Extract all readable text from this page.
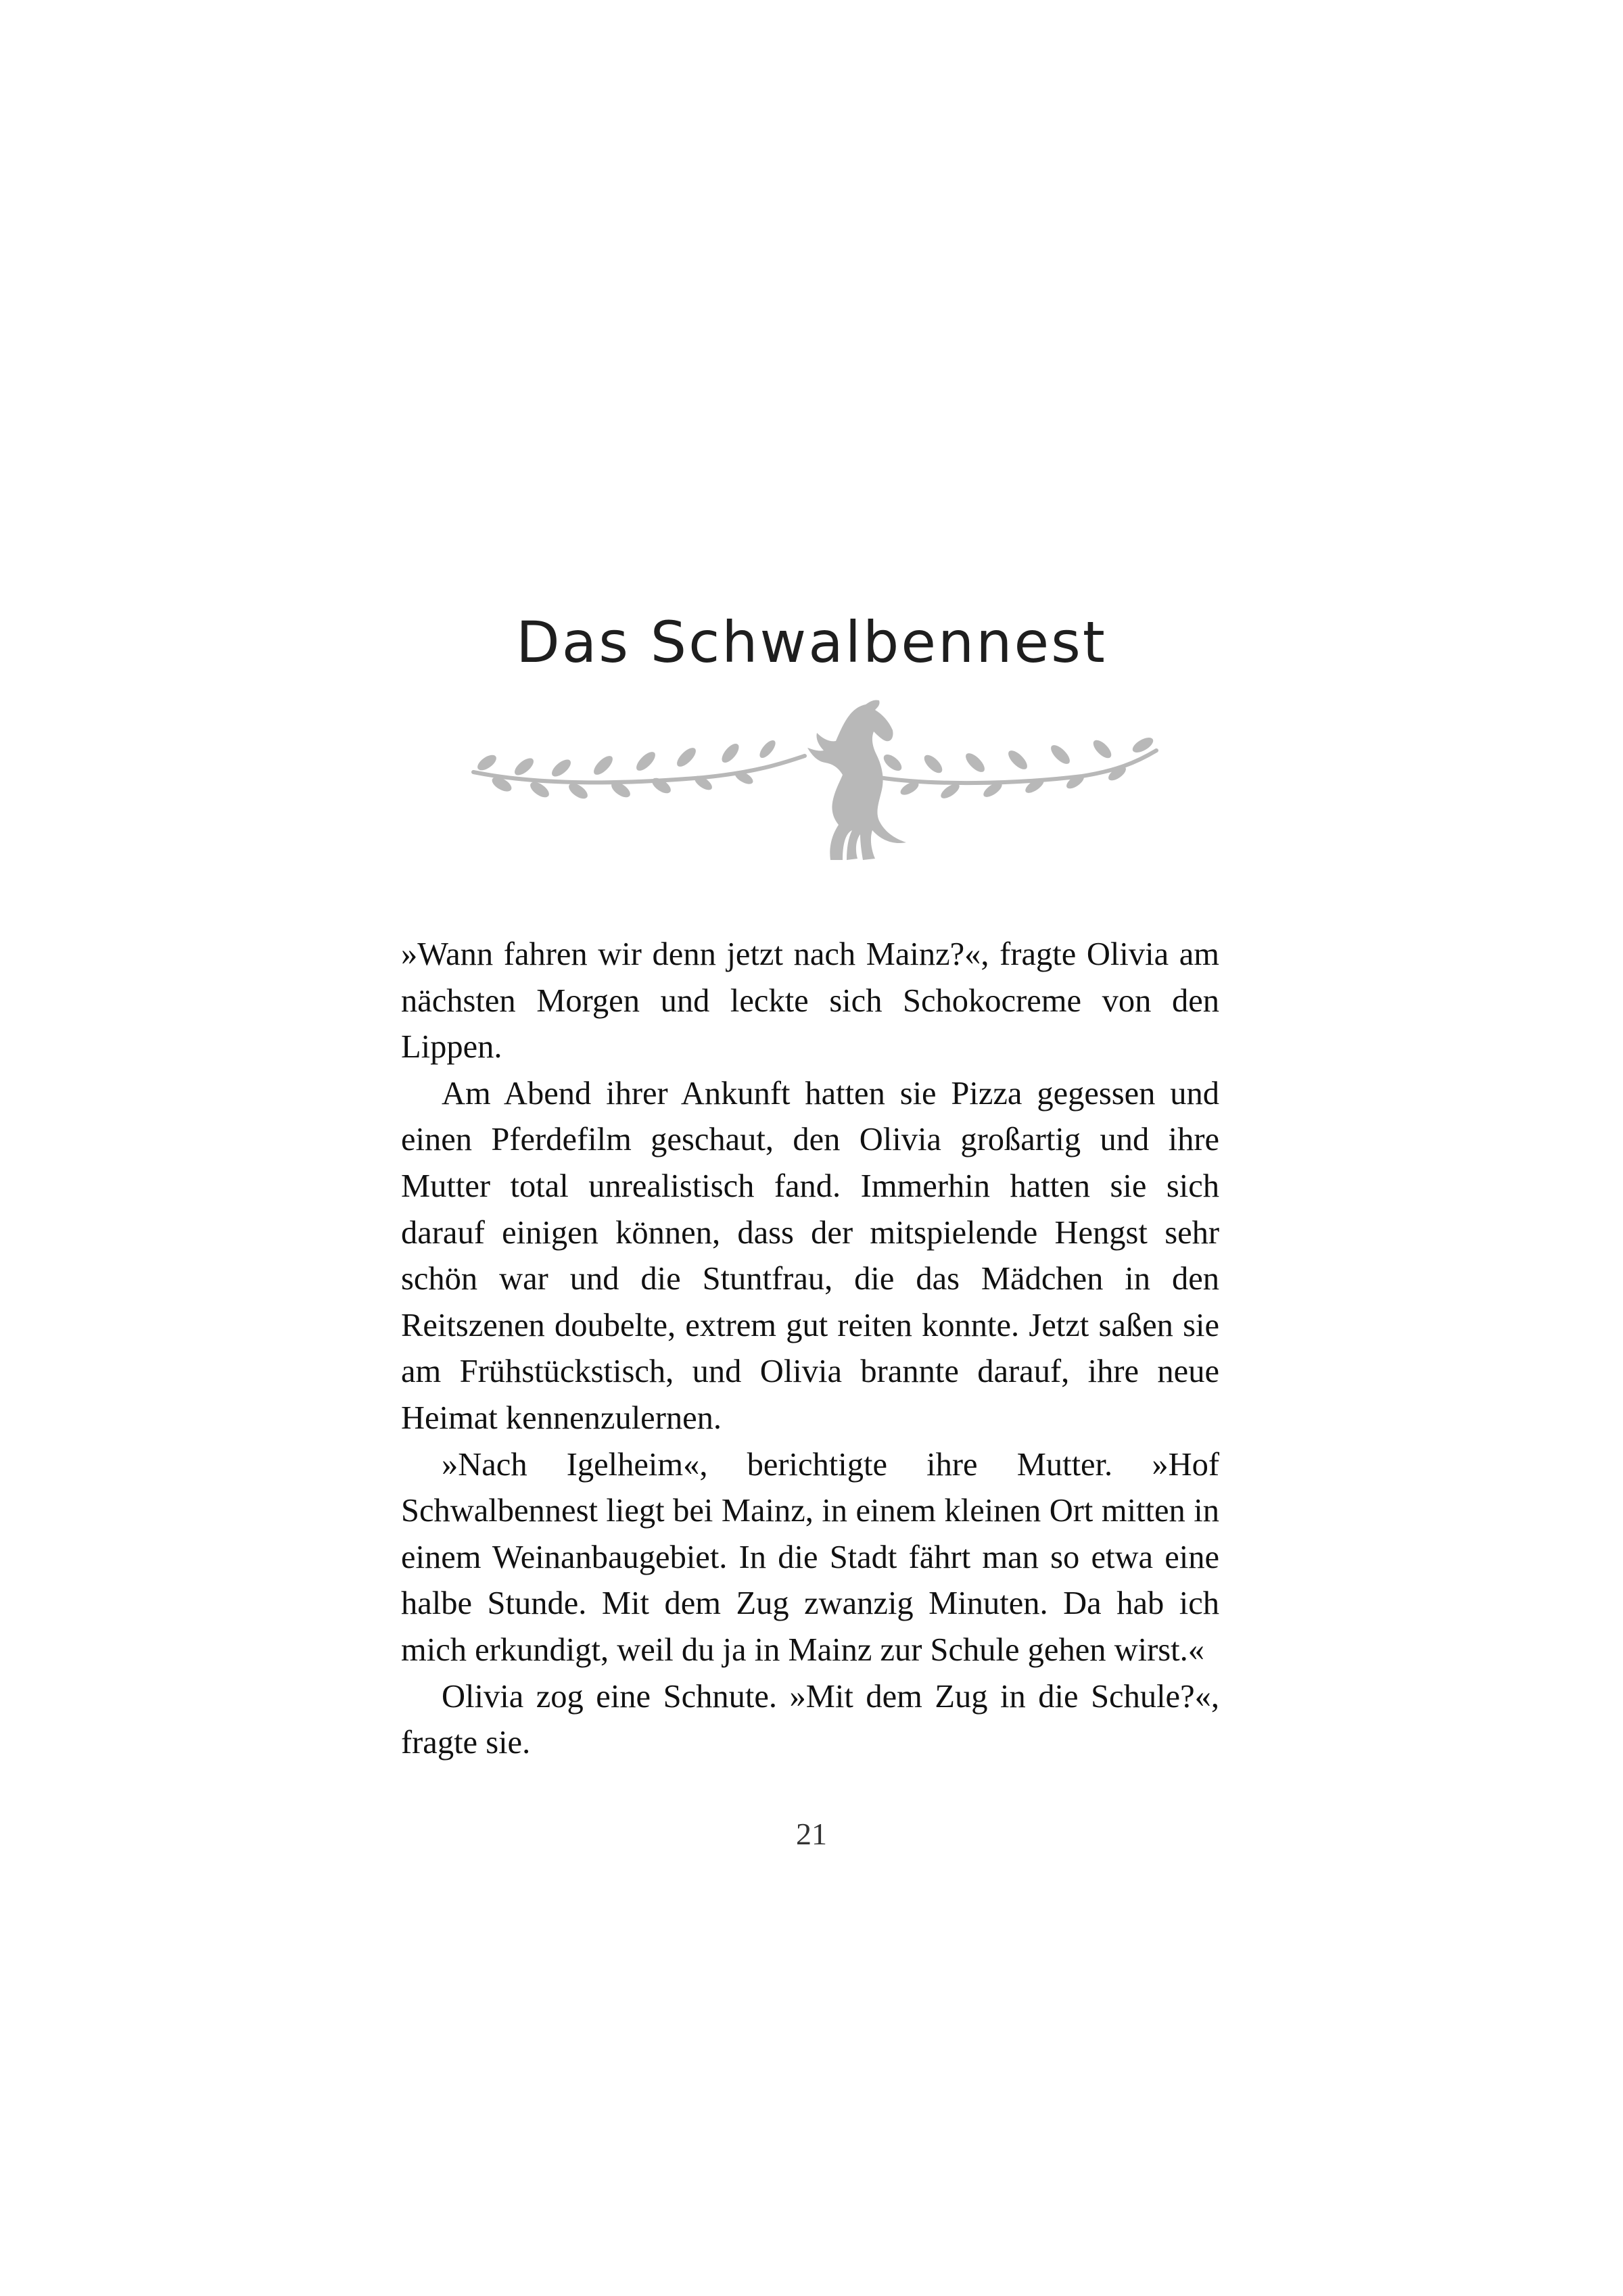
Das Schwalbennest

»Wann fahren wir denn jetzt nach Mainz?«, fragte Olivia am nächsten Morgen und leckte sich Schokocreme von den Lippen.

Am Abend ihrer Ankunft hatten sie Pizza gegessen und einen Pferdefilm geschaut, den Olivia großartig und ihre Mutter total unrealistisch fand. Immerhin hatten sie sich darauf einigen können, dass der mitspielende Hengst sehr schön war und die Stuntfrau, die das Mädchen in den Reitszenen doubelte, extrem gut reiten konnte. Jetzt saßen sie am Frühstückstisch, und Olivia brannte darauf, ihre neue Heimat kennenzulernen.

»Nach Igelheim«, berichtigte ihre Mutter. »Hof Schwalbennest liegt bei Mainz, in einem kleinen Ort mitten in einem Weinanbaugebiet. In die Stadt fährt man so etwa eine halbe Stunde. Mit dem Zug zwanzig Minuten. Da hab ich mich erkundigt, weil du ja in Mainz zur Schule gehen wirst.«

Olivia zog eine Schnute. »Mit dem Zug in die Schule?«, fragte sie.

21
